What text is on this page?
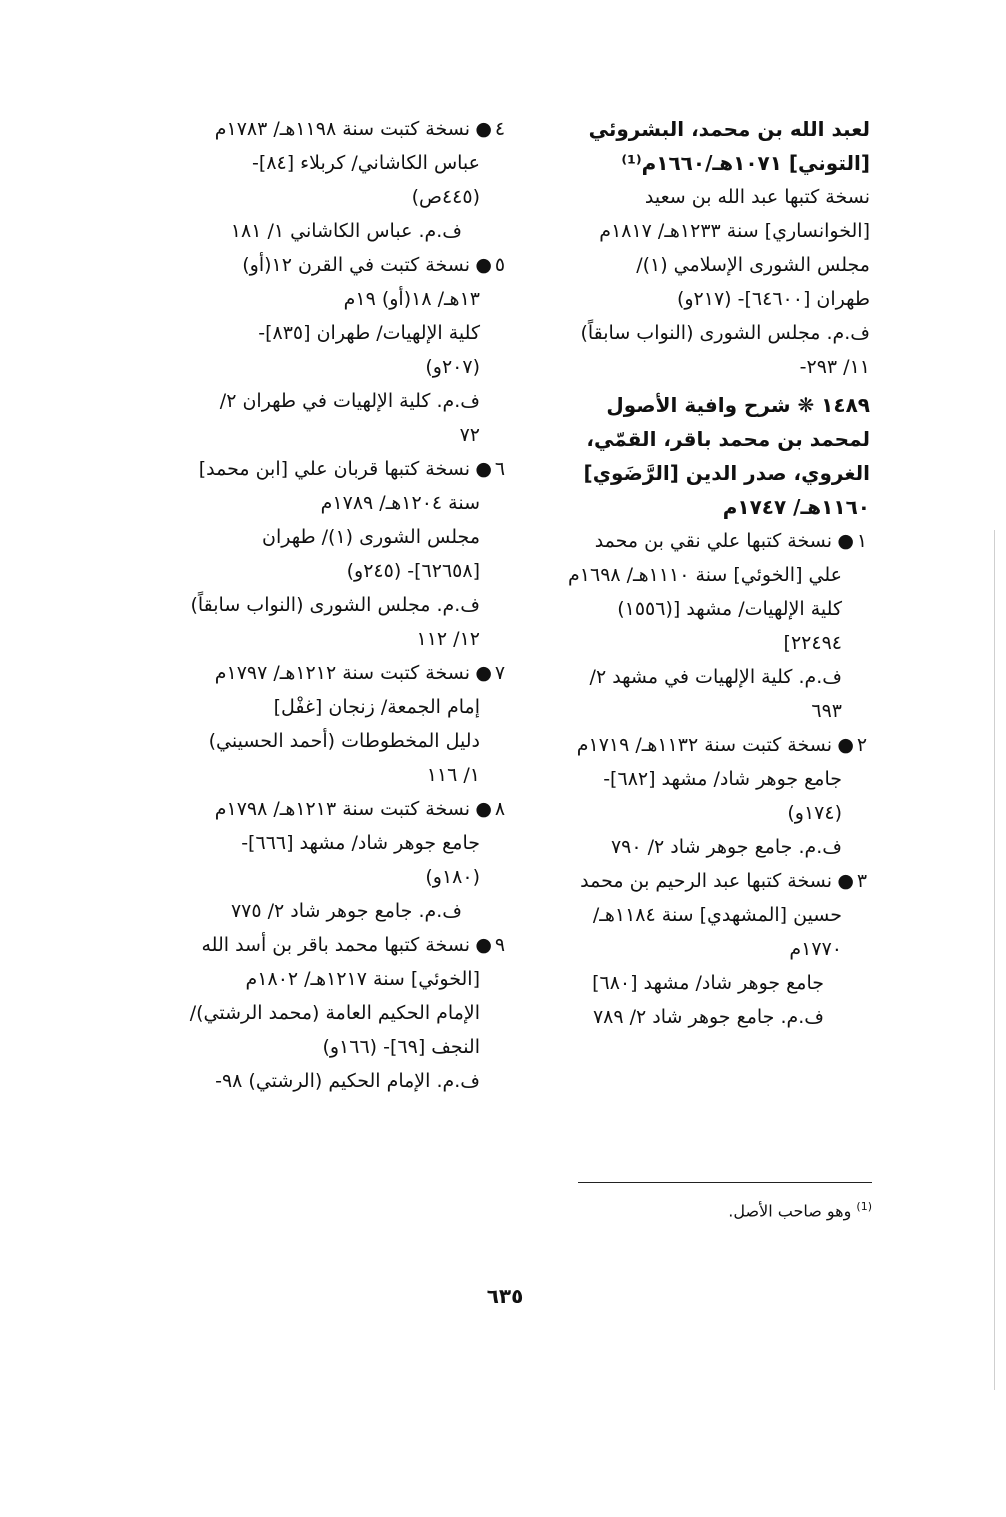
لعبد الله بن محمد، البشروئي
[التوني] ١٠٧١هـ/١٦٦٠م⁽¹⁾
نسخة كتبها عبد الله بن سعيد
[الخوانساري] سنة ١٢٣٣هـ/ ١٨١٧م
مجلس الشورى الإسلامي (١)/
طهران [٦٤٦٠٠]- (٢١٧و)
ف.م. مجلس الشورى (النواب سابقاً)
١١/ ٢٩٣-
١٤٨٩ ❋ شرح وافية الأصول
لمحمد بن محمد باقر، القمّي،
الغروي، صدر الدين [الرَّضَوي]
١١٦٠هـ/ ١٧٤٧م
١
●
نسخة كتبها علي نقي بن محمد
علي [الخوئي] سنة ١١١٠هـ/ ١٦٩٨م
كلية الإلهيات/ مشهد [(١٥٥٦)
٢٢٤٩٤]
ف.م. كلية الإلهيات في مشهد ٢/
٦٩٣
٢
●
نسخة كتبت سنة ١١٣٢هـ/ ١٧١٩م
جامع جوهر شاد/ مشهد [٦٨٢]-
(١٧٤و)
ف.م. جامع جوهر شاد ٢/ ٧٩٠
٣
●
نسخة كتبها عبد الرحيم بن محمد
حسين [المشهدي] سنة ١١٨٤هـ/
١٧٧٠م
جامع جوهر شاد/ مشهد [٦٨٠]
ف.م. جامع جوهر شاد ٢/ ٧٨٩
٤
●
نسخة كتبت سنة ١١٩٨هـ/ ١٧٨٣م
عباس الكاشاني/ كربلاء [٨٤]-
(٤٤٥ص)
ف.م. عباس الكاشاني ١/ ١٨١
٥
●
نسخة كتبت في القرن ١٢(أو)
١٣هـ/ ١٨(أو) ١٩م
كلية الإلهيات/ طهران [٨٣٥]-
(٢٠٧و)
ف.م. كلية الإلهيات في طهران ٢/
٧٢
٦
●
نسخة كتبها قربان علي [ابن محمد]
سنة ١٢٠٤هـ/ ١٧٨٩م
مجلس الشورى (١)/ طهران
[٦٢٦٥٨]- (٢٤٥و)
ف.م. مجلس الشورى (النواب سابقاً)
١٢/ ١١٢
٧
●
نسخة كتبت سنة ١٢١٢هـ/ ١٧٩٧م
إمام الجمعة/ زنجان [غفْل]
دليل المخطوطات (أحمد الحسيني)
١/ ١١٦
٨
●
نسخة كتبت سنة ١٢١٣هـ/ ١٧٩٨م
جامع جوهر شاد/ مشهد [٦٦٦]-
(١٨٠و)
ف.م. جامع جوهر شاد ٢/ ٧٧٥
٩
●
نسخة كتبها محمد باقر بن أسد الله
[الخوئي] سنة ١٢١٧هـ/ ١٨٠٢م
الإمام الحكيم العامة (محمد الرشتي)/
النجف [٦٩]- (١٦٦و)
ف.م. الإمام الحكيم (الرشتي) ٩٨-
$^{(1)}$ وهو صاحب الأصل.
٦٣٥
